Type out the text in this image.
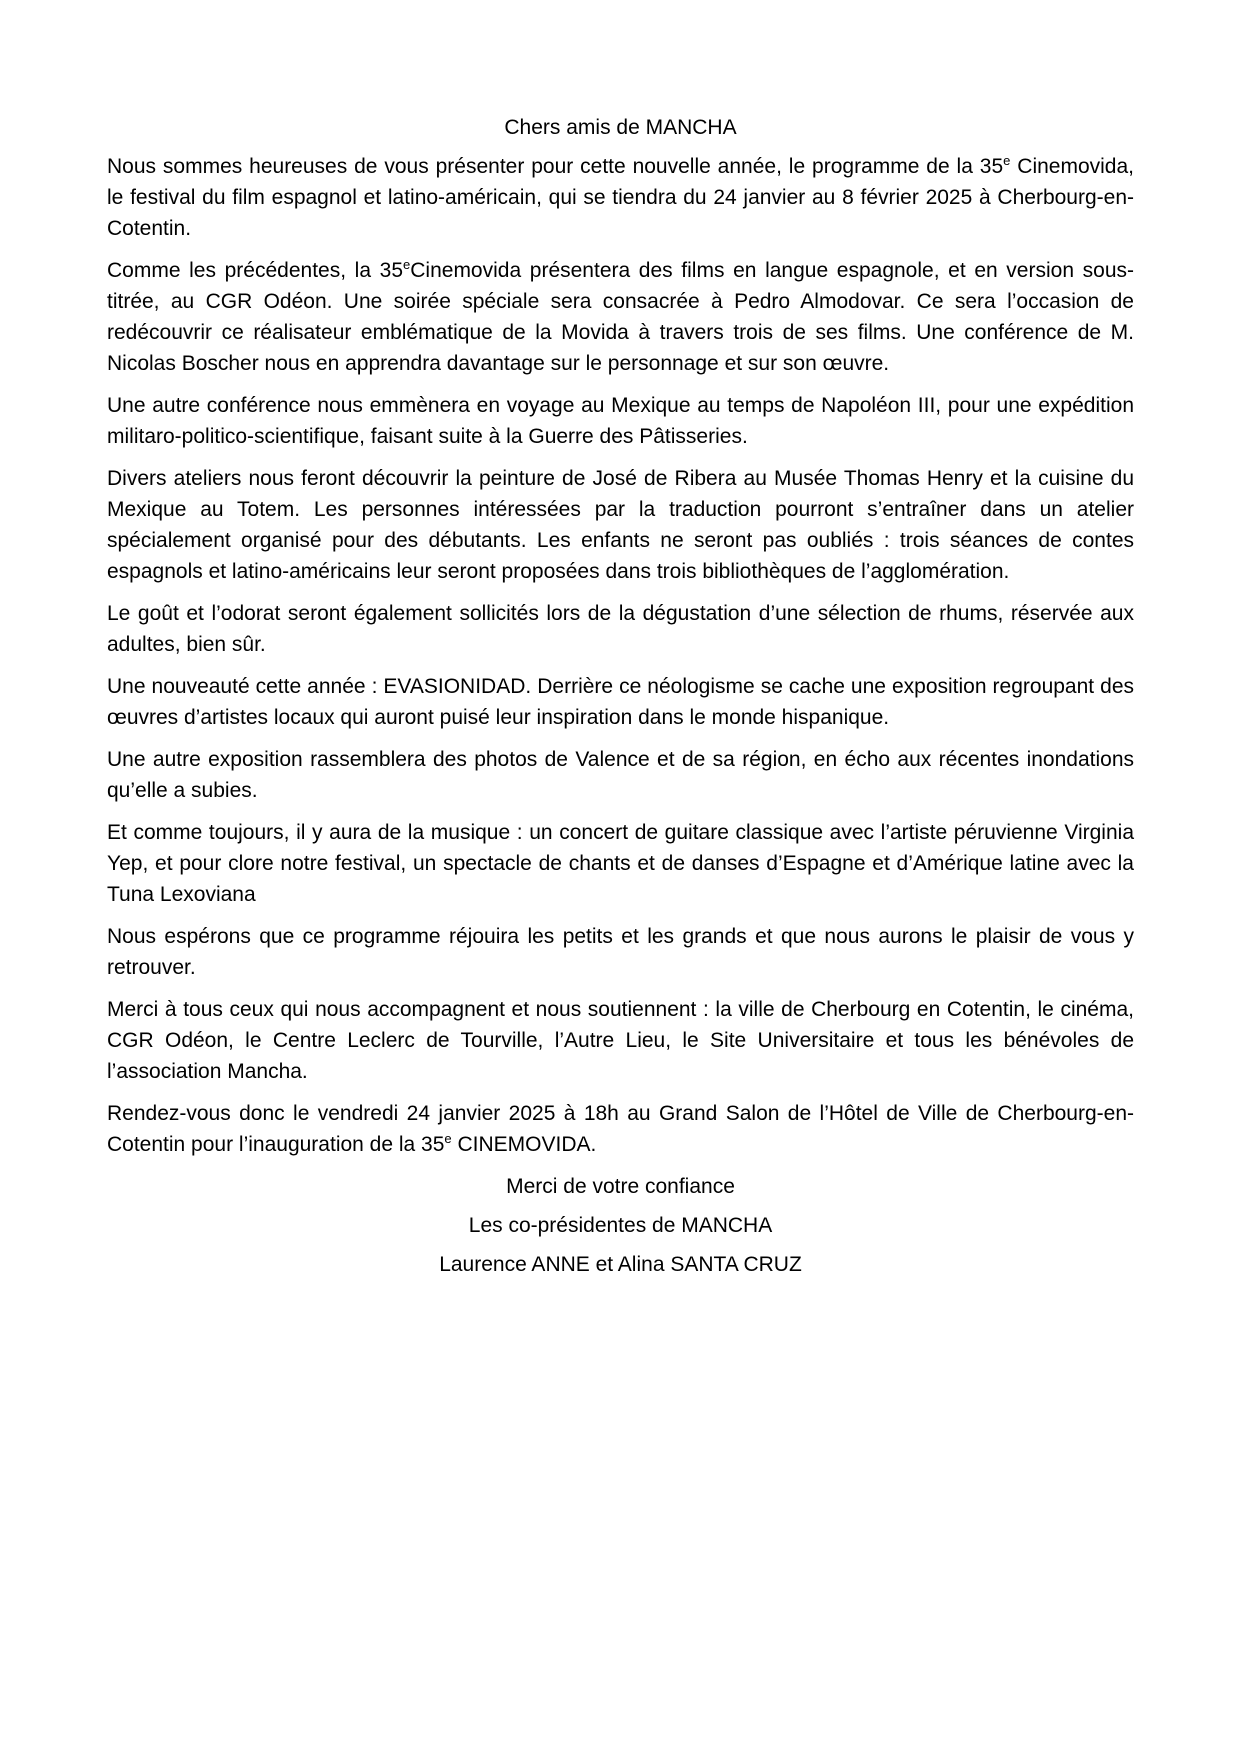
Chers amis de MANCHA

Nous sommes heureuses de vous présenter pour cette nouvelle année, le programme de la 35e Cinemovida, le festival du film espagnol et latino-américain, qui se tiendra du 24 janvier au 8 février 2025 à Cherbourg-en-Cotentin.

Comme les précédentes, la 35eCinemovida présentera des films en langue espagnole, et en version sous-titrée, au CGR Odéon. Une soirée spéciale sera consacrée à Pedro Almodovar. Ce sera l’occasion de redécouvrir ce réalisateur emblématique de la Movida à travers trois de ses films. Une conférence de M. Nicolas Boscher nous en apprendra davantage sur le personnage et sur son œuvre.

Une autre conférence nous emmènera en voyage au Mexique au temps de Napoléon III, pour une expédition militaro-politico-scientifique, faisant suite à la Guerre des Pâtisseries.

Divers ateliers nous feront découvrir la peinture de José de Ribera au Musée Thomas Henry et la cuisine du Mexique au Totem. Les personnes intéressées par la traduction pourront s’entraîner dans un atelier spécialement organisé pour des débutants. Les enfants ne seront pas oubliés : trois séances de contes espagnols et latino-américains leur seront proposées dans trois bibliothèques de l’agglomération.

Le goût et l’odorat seront également sollicités lors de la dégustation d’une sélection de rhums, réservée aux adultes, bien sûr.

Une nouveauté cette année : EVASIONIDAD. Derrière ce néologisme se cache une exposition regroupant des œuvres d’artistes locaux qui auront puisé leur inspiration dans le monde hispanique.

Une autre exposition rassemblera des photos de Valence et de sa région, en écho aux récentes inondations qu’elle a subies.

Et comme toujours, il y aura de la musique : un concert de guitare classique avec l’artiste péruvienne Virginia Yep, et pour clore notre festival, un spectacle de chants et de danses d’Espagne et d’Amérique latine avec la Tuna Lexoviana

Nous espérons que ce programme réjouira les petits et les grands et que nous aurons le plaisir de vous y retrouver.

Merci à tous ceux qui nous accompagnent et nous soutiennent : la ville de Cherbourg en Cotentin, le cinéma, CGR Odéon, le Centre Leclerc de Tourville, l’Autre Lieu, le Site Universitaire et tous les bénévoles de l’association Mancha.

Rendez-vous donc le vendredi 24 janvier 2025 à 18h au Grand Salon de l’Hôtel de Ville de Cherbourg-en-Cotentin pour l’inauguration de la 35e CINEMOVIDA.

Merci de votre confiance

Les co-présidentes de MANCHA

Laurence ANNE et Alina SANTA CRUZ
